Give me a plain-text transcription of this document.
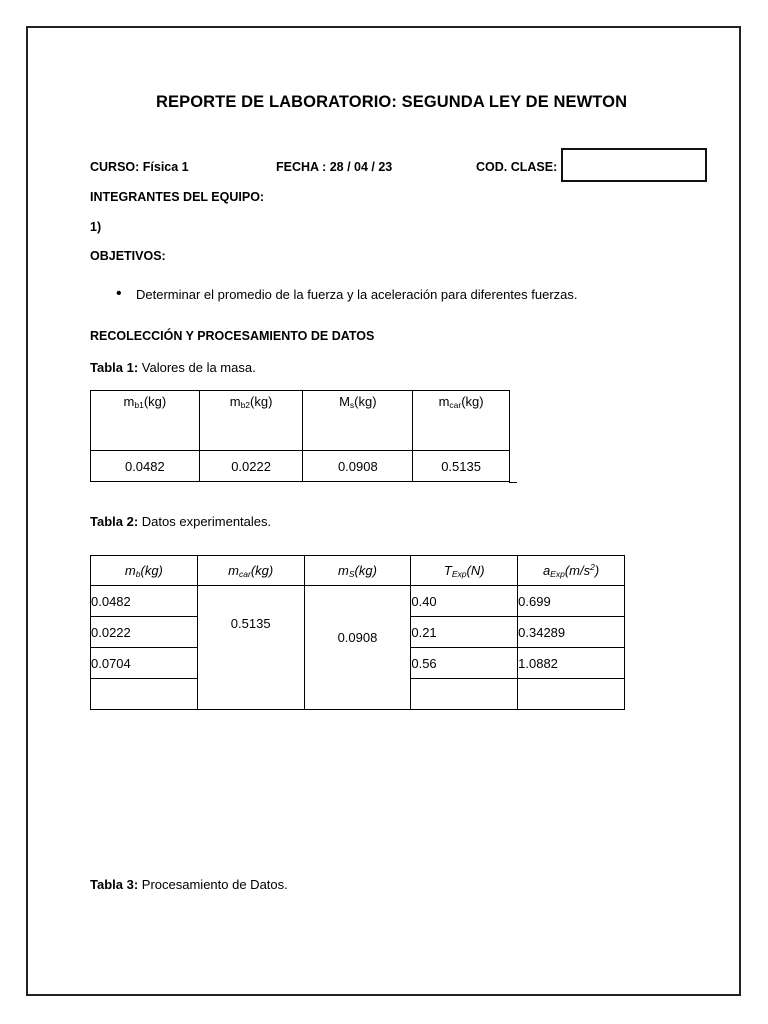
REPORTE DE LABORATORIO: SEGUNDA LEY DE NEWTON
CURSO: Física 1	FECHA : 28 / 04 / 23	COD. CLASE:
INTEGRANTES DEL EQUIPO:
1)
OBJETIVOS:
• Determinar el promedio de la fuerza y la aceleración para diferentes fuerzas.
RECOLECCIÓN Y PROCESAMIENTO DE DATOS
Tabla 1: Valores de la masa.
$m_{b1}(kg)$	$m_{b2}(kg)$	$M_s(kg)$	$m_{car}(kg)$
0.0482	0.0222	0.0908	0.5135
Tabla 2: Datos experimentales.
$m_b(kg)$	$m_{car}(kg)$	$m_S(kg)$	$T_{Exp}(N)$	$a_{Exp}(m/s^2)$
0.0482	0.5135	0.0908	0.40	0.699
0.0222			0.21	0.34289
0.0704			0.56	1.0882

Tabla 3: Procesamiento de Datos.
